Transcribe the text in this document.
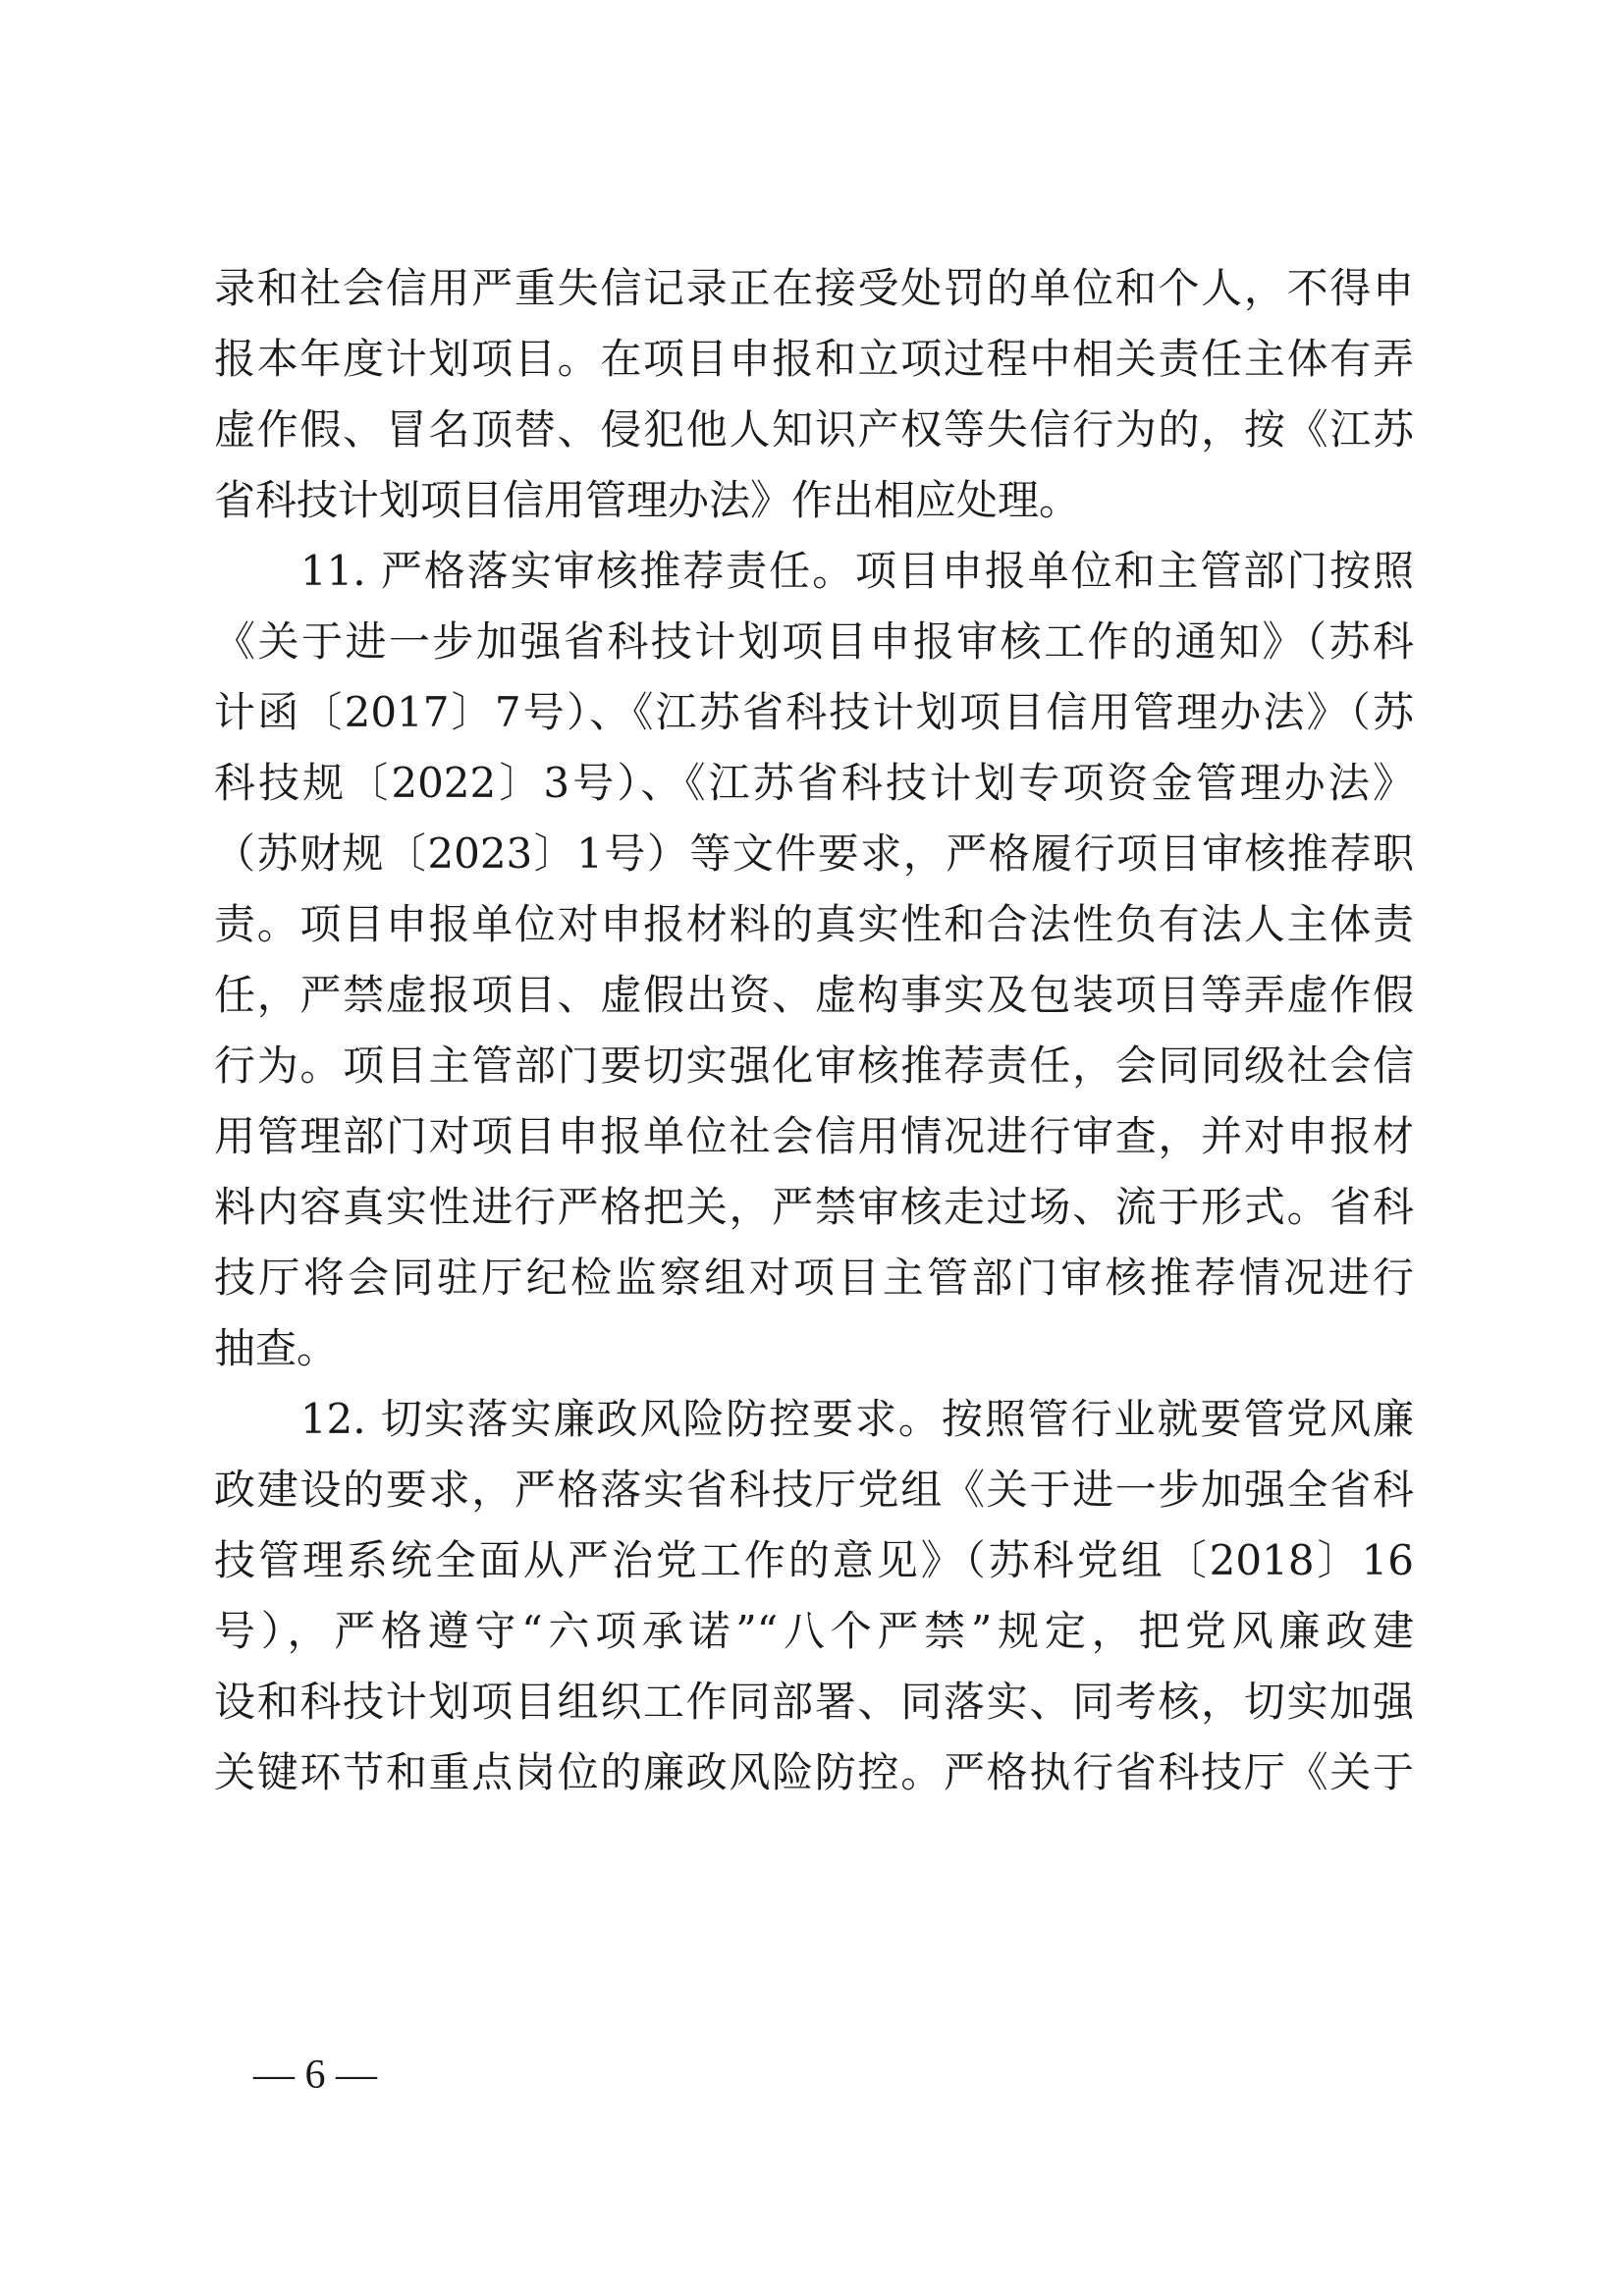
录和社会信用严重失信记录正在接受处罚的单位和个人，不得申
报本年度计划项目。在项目申报和立项过程中相关责任主体有弄
虚作假、冒名顶替、侵犯他人知识产权等失信行为的，按《江苏
省科技计划项目信用管理办法》作出相应处理。
　　11. 严格落实审核推荐责任。项目申报单位和主管部门按照
《关于进一步加强省科技计划项目申报审核工作的通知》（苏科
计函〔2017〕7号）、《江苏省科技计划项目信用管理办法》（苏
科技规〔2022〕3号）、《江苏省科技计划专项资金管理办法》
（苏财规〔2023〕1号）等文件要求，严格履行项目审核推荐职
责。项目申报单位对申报材料的真实性和合法性负有法人主体责
任，严禁虚报项目、虚假出资、虚构事实及包装项目等弄虚作假
行为。项目主管部门要切实强化审核推荐责任，会同同级社会信
用管理部门对项目申报单位社会信用情况进行审查，并对申报材
料内容真实性进行严格把关，严禁审核走过场、流于形式。省科
技厅将会同驻厅纪检监察组对项目主管部门审核推荐情况进行
抽查。
　　12. 切实落实廉政风险防控要求。按照管行业就要管党风廉
政建设的要求，严格落实省科技厅党组《关于进一步加强全省科
技管理系统全面从严治党工作的意见》（苏科党组〔2018〕16
号），严格遵守“六项承诺”“八个严禁”规定，把党风廉政建
设和科技计划项目组织工作同部署、同落实、同考核，切实加强
关键环节和重点岗位的廉政风险防控。严格执行省科技厅《关于
— 6 —
